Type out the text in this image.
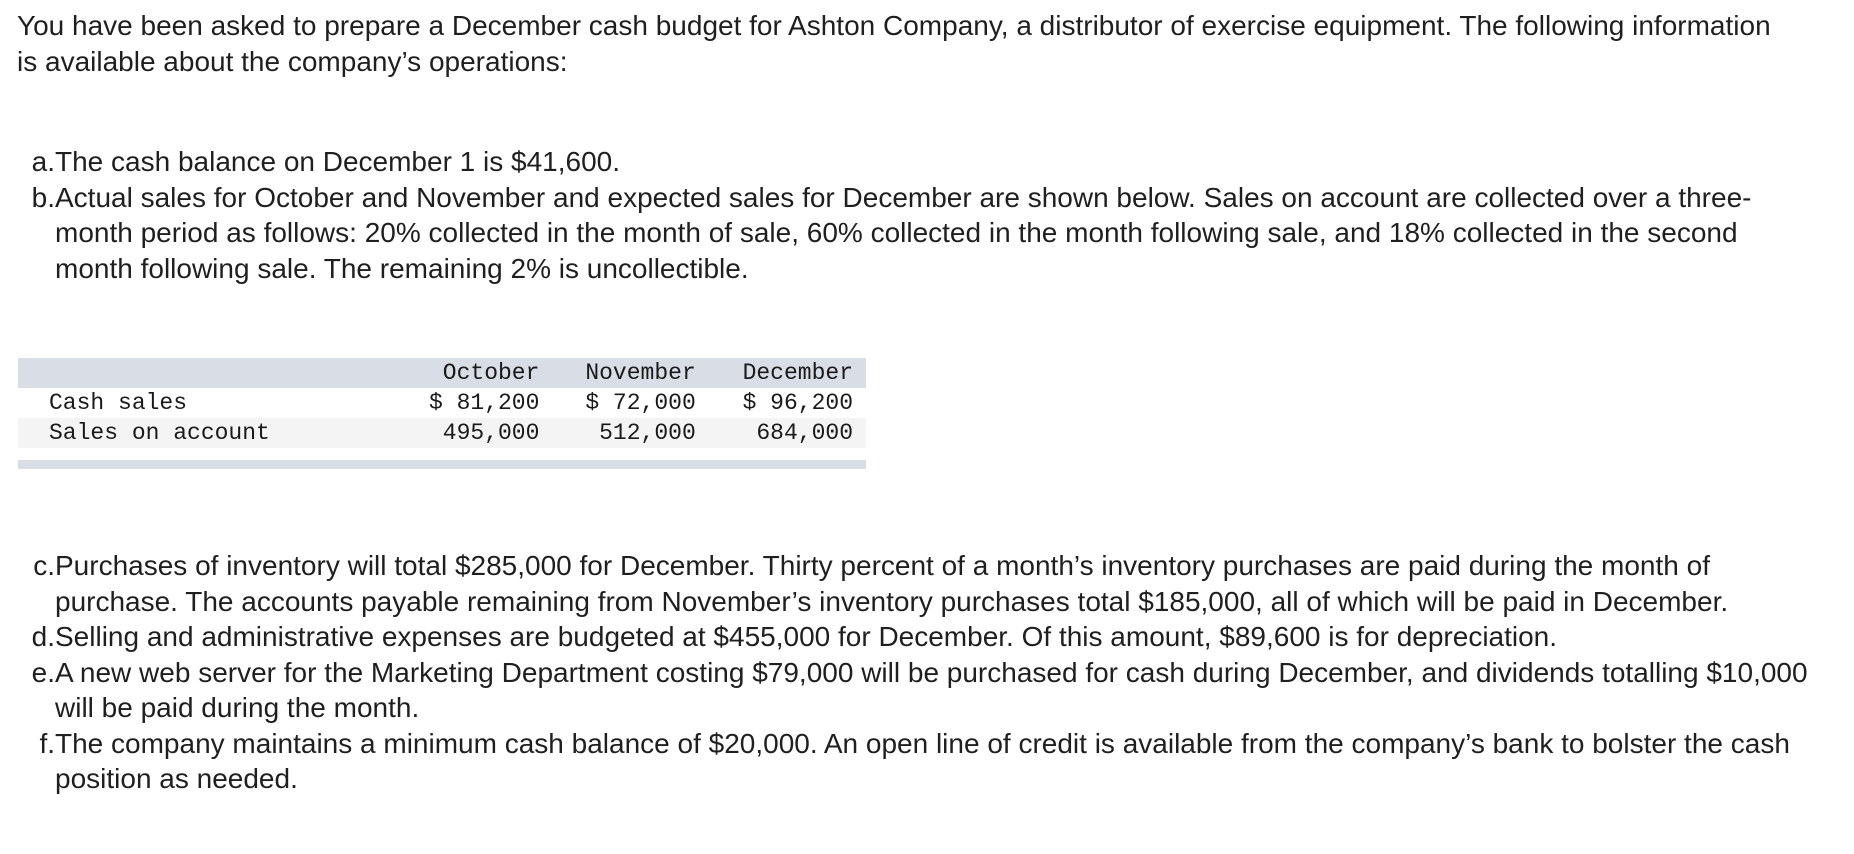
You have been asked to prepare a December cash budget for Ashton Company, a distributor of exercise equipment. The following information is available about the company’s operations:

a. The cash balance on December 1 is $41,600.
b. Actual sales for October and November and expected sales for December are shown below. Sales on account are collected over a three-month period as follows: 20% collected in the month of sale, 60% collected in the month following sale, and 18% collected in the second month following sale. The remaining 2% is uncollectible.
	October	November	December
Cash sales	$ 81,200	$ 72,000	$ 96,200
Sales on account	495,000	512,000	684,000
c. Purchases of inventory will total $285,000 for December. Thirty percent of a month’s inventory purchases are paid during the month of purchase. The accounts payable remaining from November’s inventory purchases total $185,000, all of which will be paid in December.
d. Selling and administrative expenses are budgeted at $455,000 for December. Of this amount, $89,600 is for depreciation.
e. A new web server for the Marketing Department costing $79,000 will be purchased for cash during December, and dividends totalling $10,000 will be paid during the month.
f. The company maintains a minimum cash balance of $20,000. An open line of credit is available from the company’s bank to bolster the cash position as needed.
